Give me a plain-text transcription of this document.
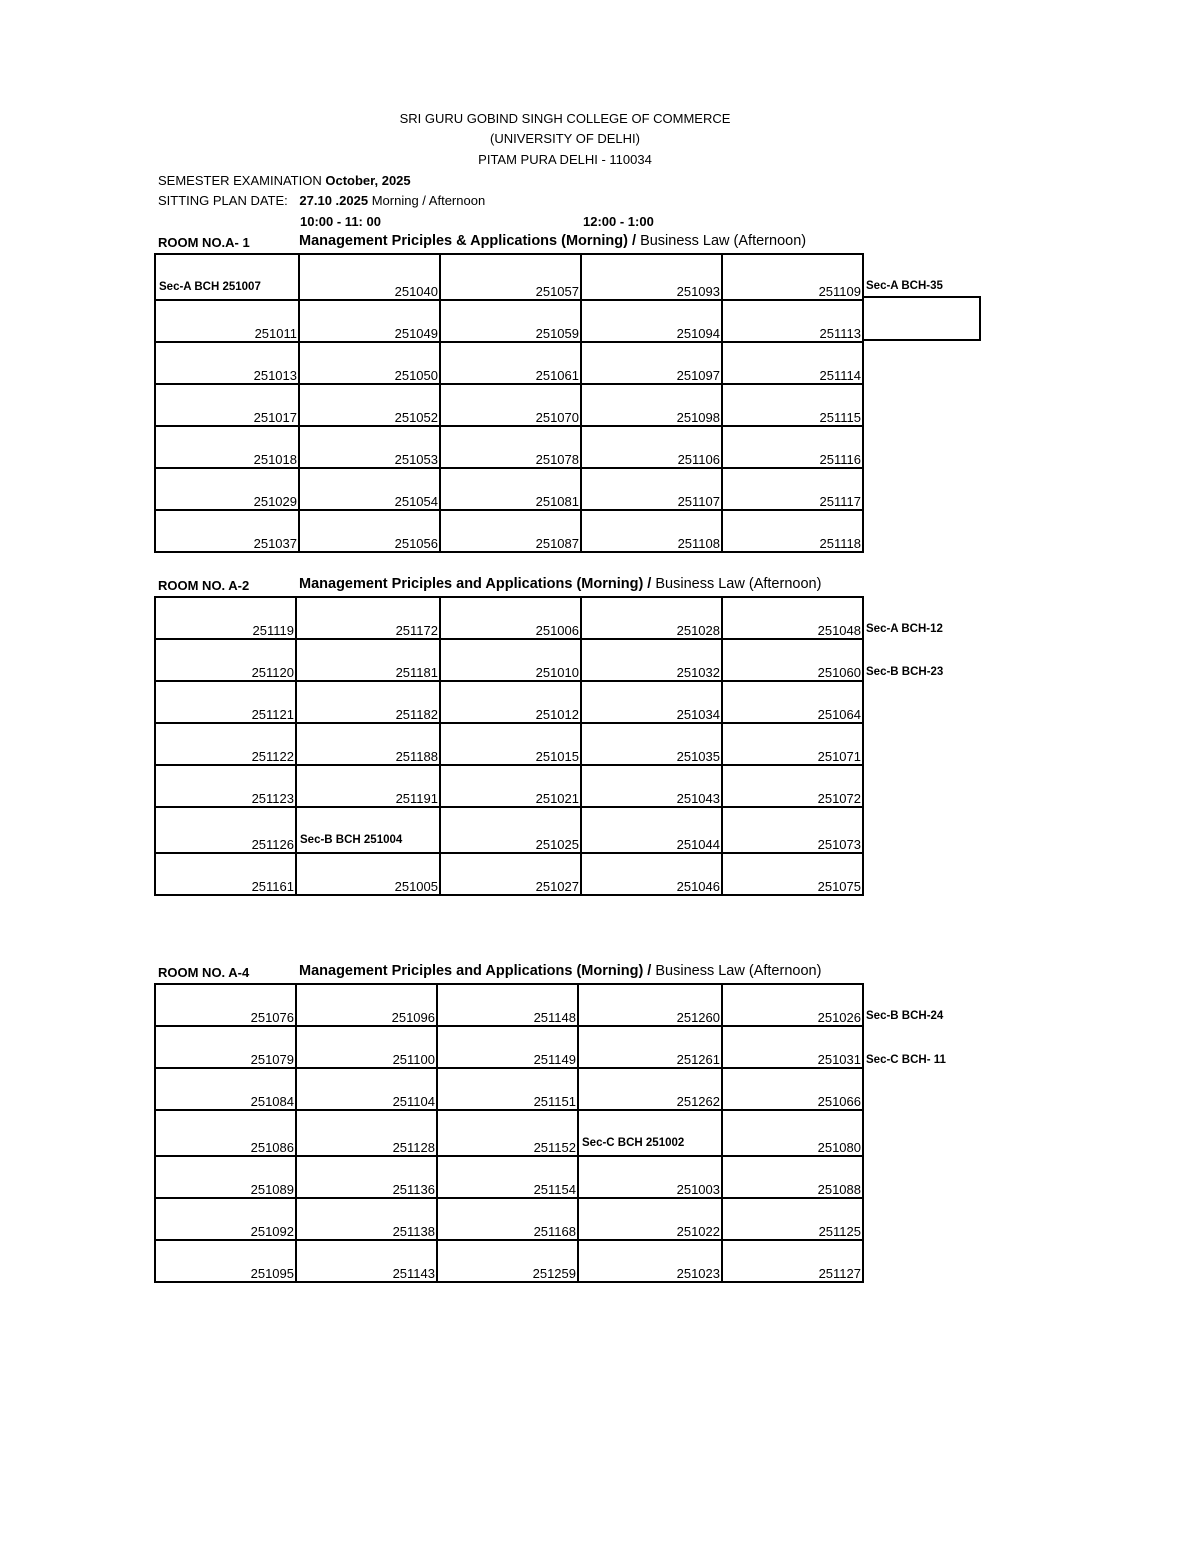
SRI GURU GOBIND SINGH COLLEGE OF COMMERCE
(UNIVERSITY OF DELHI)
PITAM PURA DELHI - 110034
SEMESTER EXAMINATION October, 2025
SITTING PLAN DATE: 27.10 .2025 Morning / Afternoon
10:00 - 11: 00	12:00 - 1:00
ROOM NO.A- 1	Management Priciples & Applications (Morning) / Business Law (Afternoon)
Sec-A BCH 251007	251040	251057	251093	251109
251011	251049	251059	251094	251113
251013	251050	251061	251097	251114
251017	251052	251070	251098	251115
251018	251053	251078	251106	251116
251029	251054	251081	251107	251117
251037	251056	251087	251108	251118
Sec-A BCH-35
ROOM NO. A-2	Management Priciples and Applications (Morning) / Business Law (Afternoon)
251119	251172	251006	251028	251048
251120	251181	251010	251032	251060
251121	251182	251012	251034	251064
251122	251188	251015	251035	251071
251123	251191	251021	251043	251072
251126	Sec-B BCH 251004	251025	251044	251073
251161	251005	251027	251046	251075
Sec-A BCH-12
Sec-B BCH-23
ROOM NO. A-4	Management Priciples and Applications (Morning) / Business Law (Afternoon)
251076	251096	251148	251260	251026
251079	251100	251149	251261	251031
251084	251104	251151	251262	251066
251086	251128	251152	Sec-C BCH 251002	251080
251089	251136	251154	251003	251088
251092	251138	251168	251022	251125
251095	251143	251259	251023	251127
Sec-B BCH-24
Sec-C BCH- 11
